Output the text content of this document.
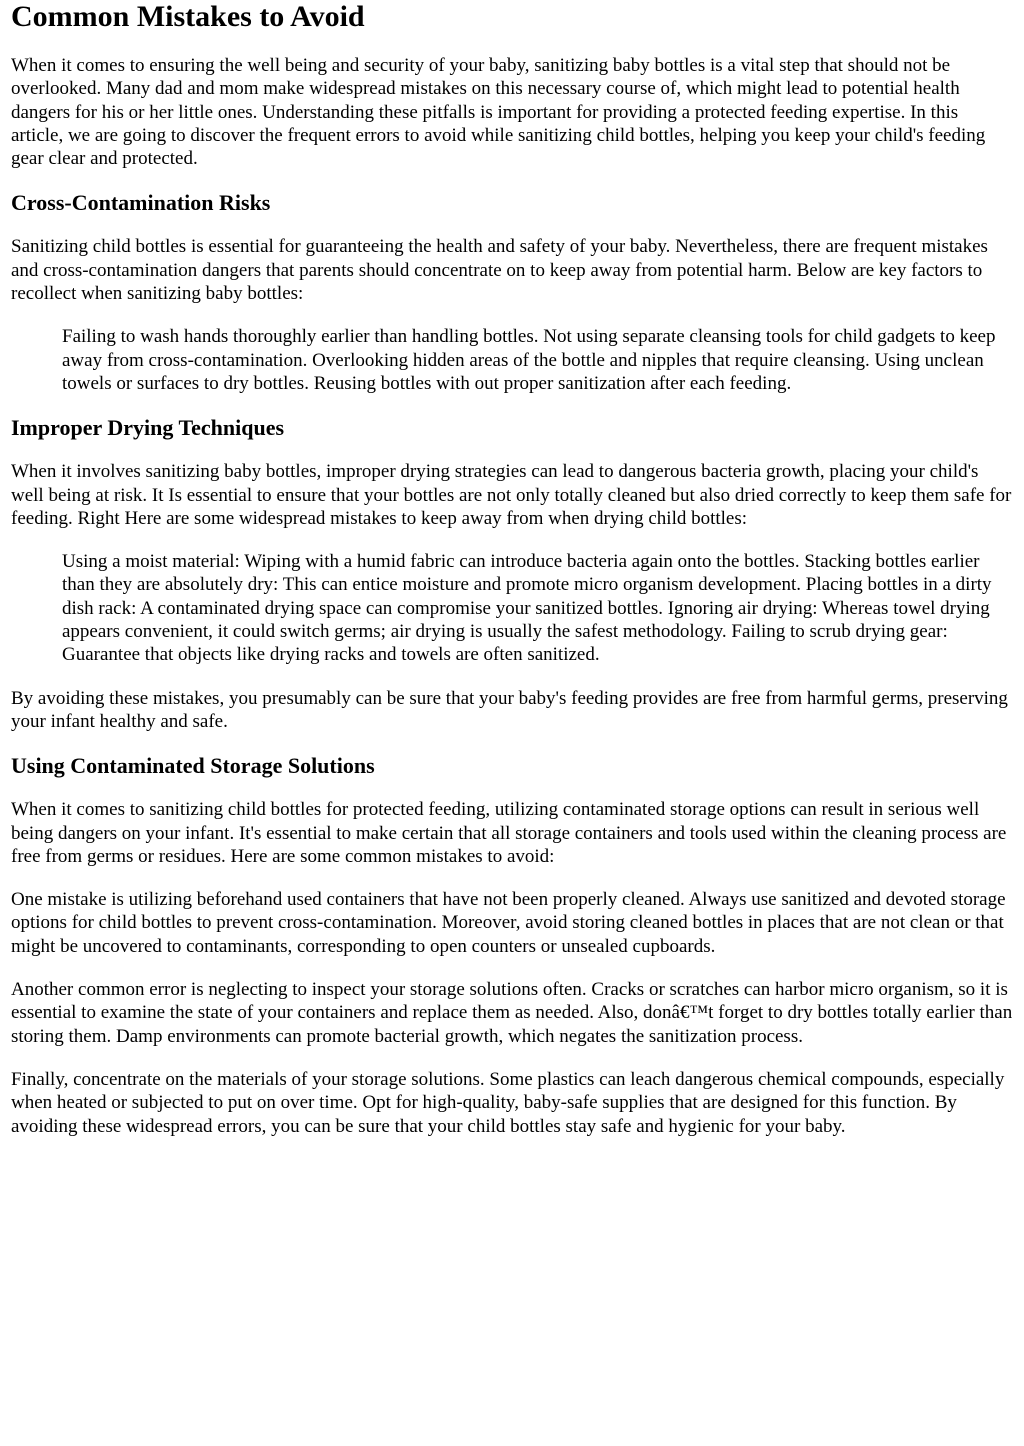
Common Mistakes to Avoid

When it comes to ensuring the well being and security of your baby, sanitizing baby bottles is a vital step that should not be overlooked. Many dad and mom make widespread mistakes on this necessary course of, which might lead to potential health dangers for his or her little ones. Understanding these pitfalls is important for providing a protected feeding expertise. In this article, we are going to discover the frequent errors to avoid while sanitizing child bottles, helping you keep your child's feeding gear clear and protected.

Cross-Contamination Risks

Sanitizing child bottles is essential for guaranteeing the health and safety of your baby. Nevertheless, there are frequent mistakes and cross-contamination dangers that parents should concentrate on to keep away from potential harm. Below are key factors to recollect when sanitizing baby bottles:

Failing to wash hands thoroughly earlier than handling bottles. Not using separate cleansing tools for child gadgets to keep away from cross-contamination. Overlooking hidden areas of the bottle and nipples that require cleansing. Using unclean towels or surfaces to dry bottles. Reusing bottles with out proper sanitization after each feeding.
Improper Drying Techniques

When it involves sanitizing baby bottles, improper drying strategies can lead to dangerous bacteria growth, placing your child's well being at risk. It Is essential to ensure that your bottles are not only totally cleaned but also dried correctly to keep them safe for feeding. Right Here are some widespread mistakes to keep away from when drying child bottles:

Using a moist material: Wiping with a humid fabric can introduce bacteria again onto the bottles. Stacking bottles earlier than they are absolutely dry: This can entice moisture and promote micro organism development. Placing bottles in a dirty dish rack: A contaminated drying space can compromise your sanitized bottles. Ignoring air drying: Whereas towel drying appears convenient, it could switch germs; air drying is usually the safest methodology. Failing to scrub drying gear: Guarantee that objects like drying racks and towels are often sanitized.

By avoiding these mistakes, you presumably can be sure that your baby's feeding provides are free from harmful germs, preserving your infant healthy and safe.

Using Contaminated Storage Solutions

When it comes to sanitizing child bottles for protected feeding, utilizing contaminated storage options can result in serious well being dangers on your infant. It's essential to make certain that all storage containers and tools used within the cleaning process are free from germs or residues. Here are some common mistakes to avoid:

One mistake is utilizing beforehand used containers that have not been properly cleaned. Always use sanitized and devoted storage options for child bottles to prevent cross-contamination. Moreover, avoid storing cleaned bottles in places that are not clean or that might be uncovered to contaminants, corresponding to open counters or unsealed cupboards.

Another common error is neglecting to inspect your storage solutions often. Cracks or scratches can harbor micro organism, so it is essential to examine the state of your containers and replace them as needed. Also, donâ€™t forget to dry bottles totally earlier than storing them. Damp environments can promote bacterial growth, which negates the sanitization process.

Finally, concentrate on the materials of your storage solutions. Some plastics can leach dangerous chemical compounds, especially when heated or subjected to put on over time. Opt for high-quality, baby-safe supplies that are designed for this function. By avoiding these widespread errors, you can be sure that your child bottles stay safe and hygienic for your baby.
